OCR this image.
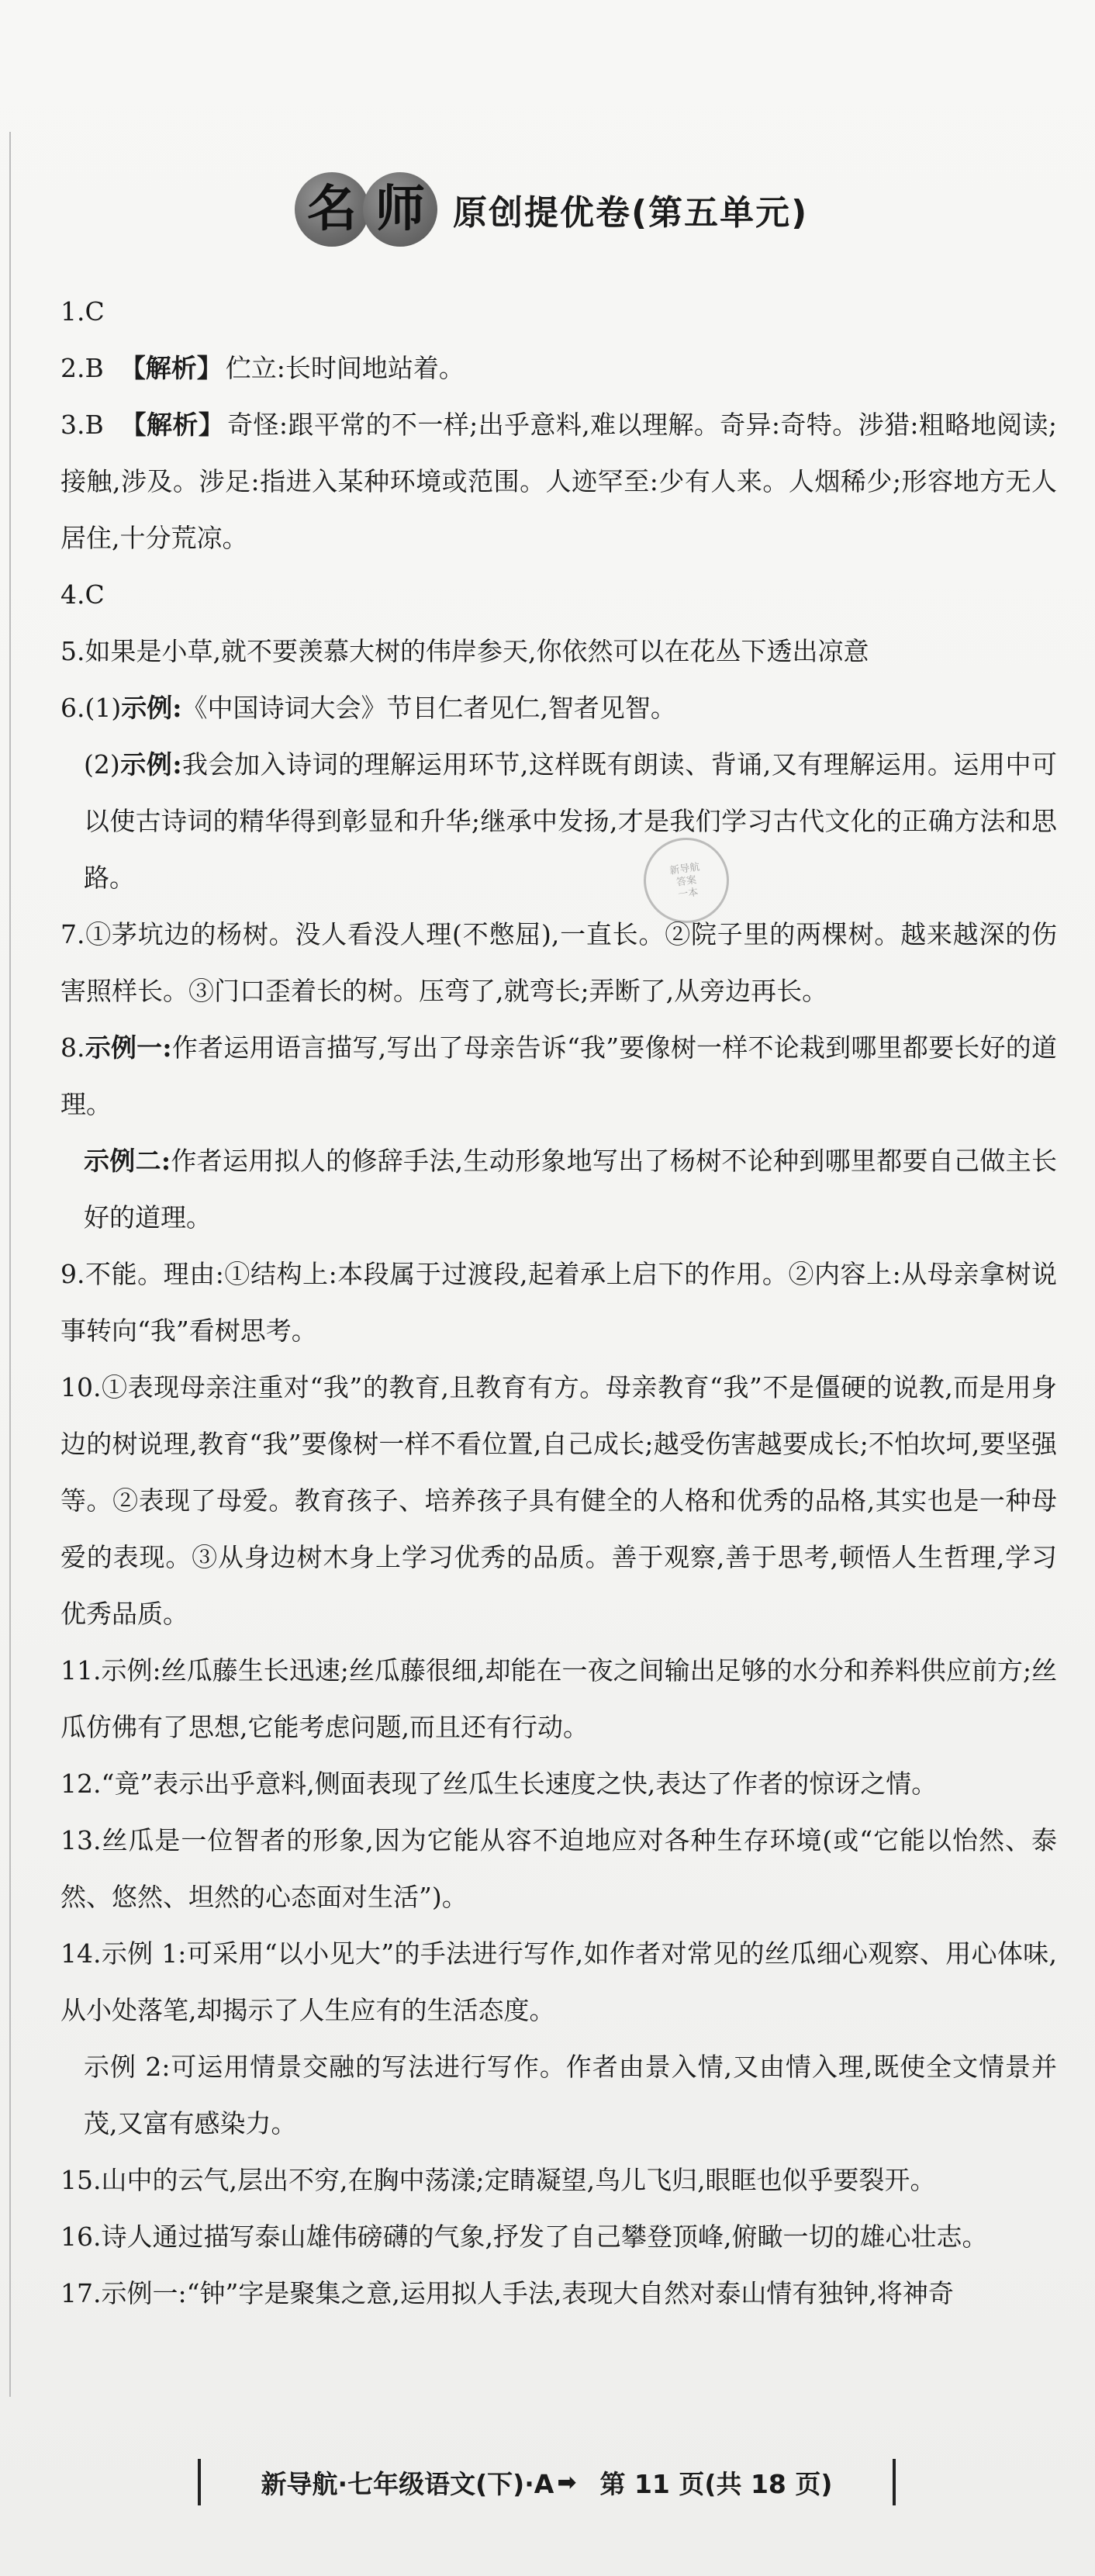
名 师 原创提优卷(第五单元)
新导航
答案
一本
1.C
2.B 【解析】 伫立:长时间地站着。
3.B 【解析】 奇怪:跟平常的不一样;出乎意料,难以理解。奇异:奇特。涉猎:粗略地阅读;接触,涉及。涉足:指进入某种环境或范围。人迹罕至:少有人来。人烟稀少;形容地方无人居住,十分荒凉。
4.C
5.如果是小草,就不要羡慕大树的伟岸参天,你依然可以在花丛下透出凉意
6.(1)示例:《中国诗词大会》节目仁者见仁,智者见智。
(2)示例:我会加入诗词的理解运用环节,这样既有朗读、背诵,又有理解运用。运用中可以使古诗词的精华得到彰显和升华;继承中发扬,才是我们学习古代文化的正确方法和思路。
7.①茅坑边的杨树。没人看没人理(不憋屈),一直长。②院子里的两棵树。越来越深的伤害照样长。③门口歪着长的树。压弯了,就弯长;弄断了,从旁边再长。
8.示例一:作者运用语言描写,写出了母亲告诉“我”要像树一样不论栽到哪里都要长好的道理。
示例二:作者运用拟人的修辞手法,生动形象地写出了杨树不论种到哪里都要自己做主长好的道理。
9.不能。理由:①结构上:本段属于过渡段,起着承上启下的作用。②内容上:从母亲拿树说事转向“我”看树思考。
10.①表现母亲注重对“我”的教育,且教育有方。母亲教育“我”不是僵硬的说教,而是用身边的树说理,教育“我”要像树一样不看位置,自己成长;越受伤害越要成长;不怕坎坷,要坚强等。②表现了母爱。教育孩子、培养孩子具有健全的人格和优秀的品格,其实也是一种母爱的表现。③从身边树木身上学习优秀的品质。善于观察,善于思考,顿悟人生哲理,学习优秀品质。
11.示例:丝瓜藤生长迅速;丝瓜藤很细,却能在一夜之间输出足够的水分和养料供应前方;丝瓜仿佛有了思想,它能考虑问题,而且还有行动。
12.“竟”表示出乎意料,侧面表现了丝瓜生长速度之快,表达了作者的惊讶之情。
13.丝瓜是一位智者的形象,因为它能从容不迫地应对各种生存环境(或“它能以怡然、泰然、悠然、坦然的心态面对生活”)。
14.示例 1:可采用“以小见大”的手法进行写作,如作者对常见的丝瓜细心观察、用心体味,从小处落笔,却揭示了人生应有的生活态度。
示例 2:可运用情景交融的写法进行写作。作者由景入情,又由情入理,既使全文情景并茂,又富有感染力。
15.山中的云气,层出不穷,在胸中荡漾;定睛凝望,鸟儿飞归,眼眶也似乎要裂开。
16.诗人通过描写泰山雄伟磅礴的气象,抒发了自己攀登顶峰,俯瞰一切的雄心壮志。
17.示例一:“钟”字是聚集之意,运用拟人手法,表现大自然对泰山情有独钟,将神奇
新导航·七年级语文(下)·A ➡ 第 11 页(共 18 页)
